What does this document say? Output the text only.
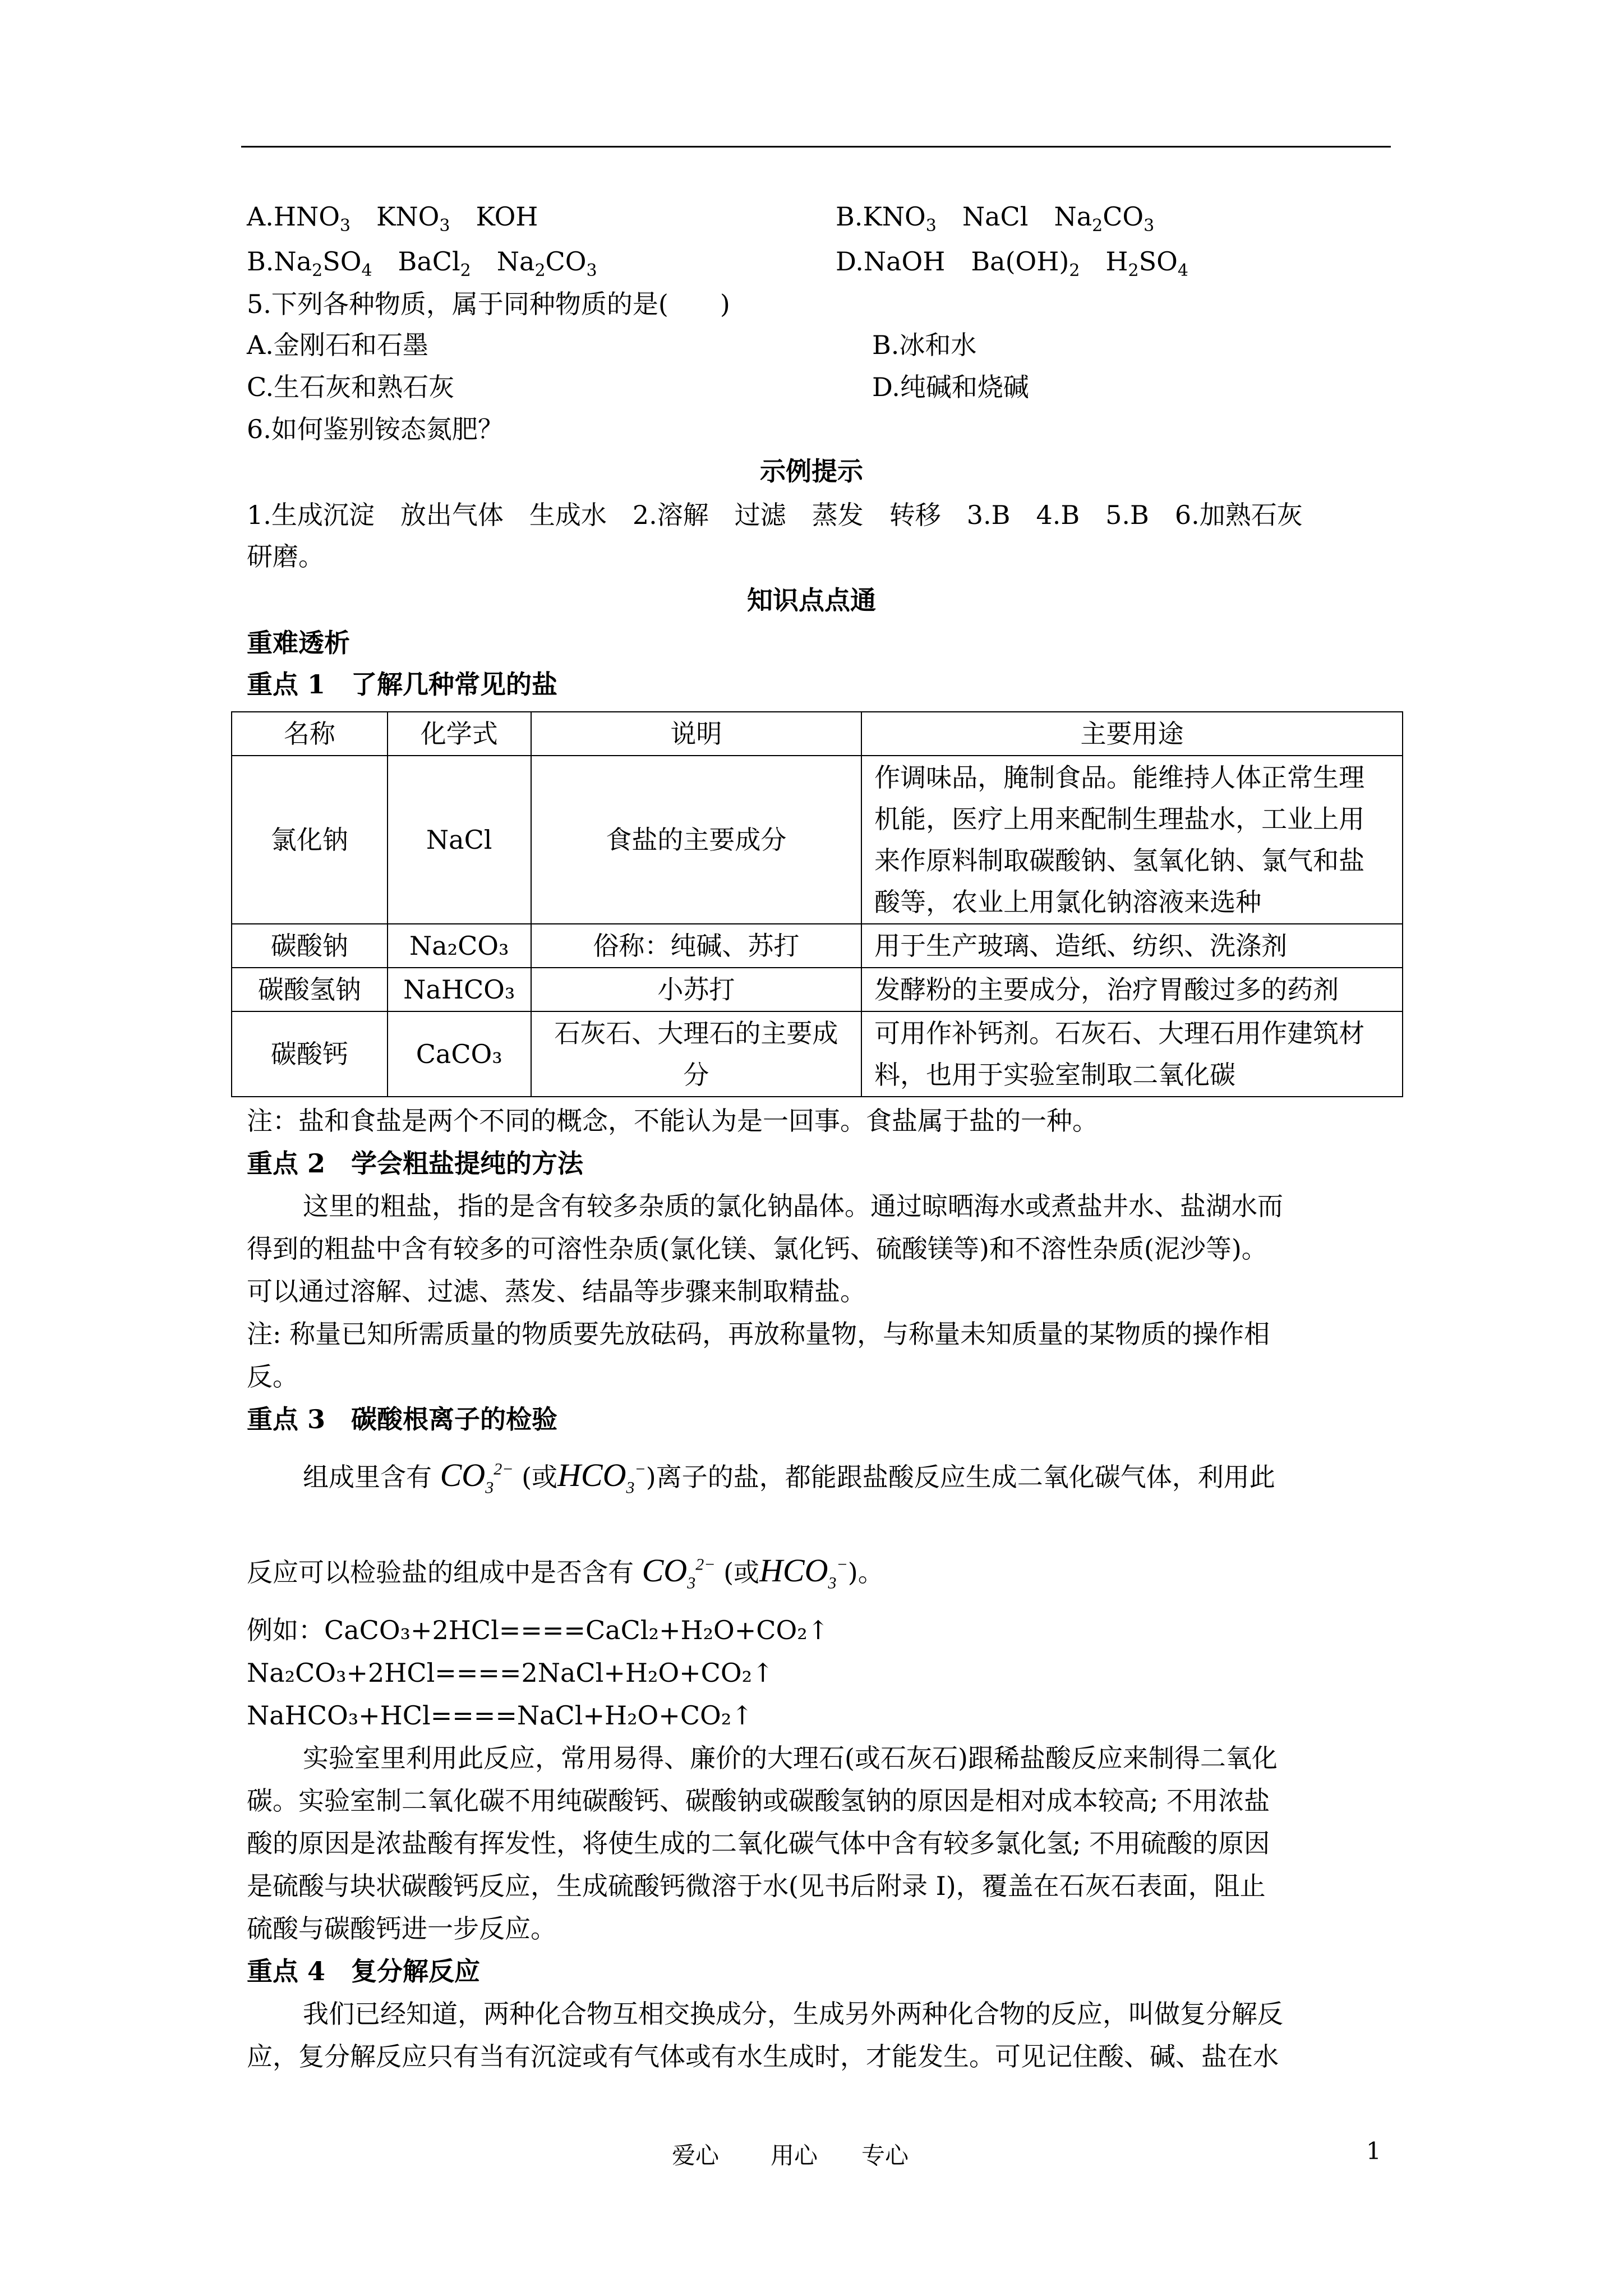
$A.HNO_3$　$KNO_3$　KOH	$B.KNO_3$　NaCl　$Na_2CO_3$
$B.Na_2SO_4$　BaCl$_2$　$Na_2CO_3$	D.NaOH　$Ba(OH)_2$　$H_2SO_4$
5.下列各种物质，属于同种物质的是(　　)
A.金刚石和石墨	B.冰和水
C.生石灰和熟石灰	D.纯碱和烧碱
6.如何鉴别铵态氮肥？
示例提示
1.生成沉淀　放出气体　生成水　2.溶解　过滤　蒸发　转移　3.B　4.B　5.B　6.加熟石灰
研磨。
知识点点通
重难透析
重点 1　了解几种常见的盐
名称	化学式	说明	主要用途
氯化钠	NaCl	食盐的主要成分	作调味品，腌制食品。能维持人体正常生理机能，医疗上用来配制生理盐水，工业上用来作原料制取碳酸钠、氢氧化钠、氯气和盐酸等，农业上用氯化钠溶液来选种
碳酸钠	Na₂CO₃	俗称：纯碱、苏打	用于生产玻璃、造纸、纺织、洗涤剂
碳酸氢钠	NaHCO₃	小苏打	发酵粉的主要成分，治疗胃酸过多的药剂
碳酸钙	CaCO₃	石灰石、大理石的主要成分	可用作补钙剂。石灰石、大理石用作建筑材料，也用于实验室制取二氧化碳
注：盐和食盐是两个不同的概念，不能认为是一回事。食盐属于盐的一种。
重点 2　学会粗盐提纯的方法
这里的粗盐，指的是含有较多杂质的氯化钠晶体。通过晾晒海水或煮盐井水、盐湖水而
得到的粗盐中含有较多的可溶性杂质(氯化镁、氯化钙、硫酸镁等)和不溶性杂质(泥沙等)。
可以通过溶解、过滤、蒸发、结晶等步骤来制取精盐。
注: 称量已知所需质量的物质要先放砝码，再放称量物，与称量未知质量的某物质的操作相
反。
重点 3　碳酸根离子的检验
组成里含有 $CO_3^{2-}$ (或$HCO_3^-$)离子的盐，都能跟盐酸反应生成二氧化碳气体，利用此
反应可以检验盐的组成中是否含有 $CO_3^{2-}$ (或$HCO_3^-$)。
例如：CaCO₃+2HCl====CaCl₂+H₂O+CO₂↑
Na₂CO₃+2HCl====2NaCl+H₂O+CO₂↑
NaHCO₃+HCl====NaCl+H₂O+CO₂↑
实验室里利用此反应，常用易得、廉价的大理石(或石灰石)跟稀盐酸反应来制得二氧化
碳。实验室制二氧化碳不用纯碳酸钙、碳酸钠或碳酸氢钠的原因是相对成本较高; 不用浓盐
酸的原因是浓盐酸有挥发性，将使生成的二氧化碳气体中含有较多氯化氢; 不用硫酸的原因
是硫酸与块状碳酸钙反应，生成硫酸钙微溶于水(见书后附录 I)，覆盖在石灰石表面，阻止
硫酸与碳酸钙进一步反应。
重点 4　复分解反应
我们已经知道，两种化合物互相交换成分，生成另外两种化合物的反应，叫做复分解反
应，复分解反应只有当有沉淀或有气体或有水生成时，才能发生。可见记住酸、碱、盐在水
爱心 用心 专心	1
